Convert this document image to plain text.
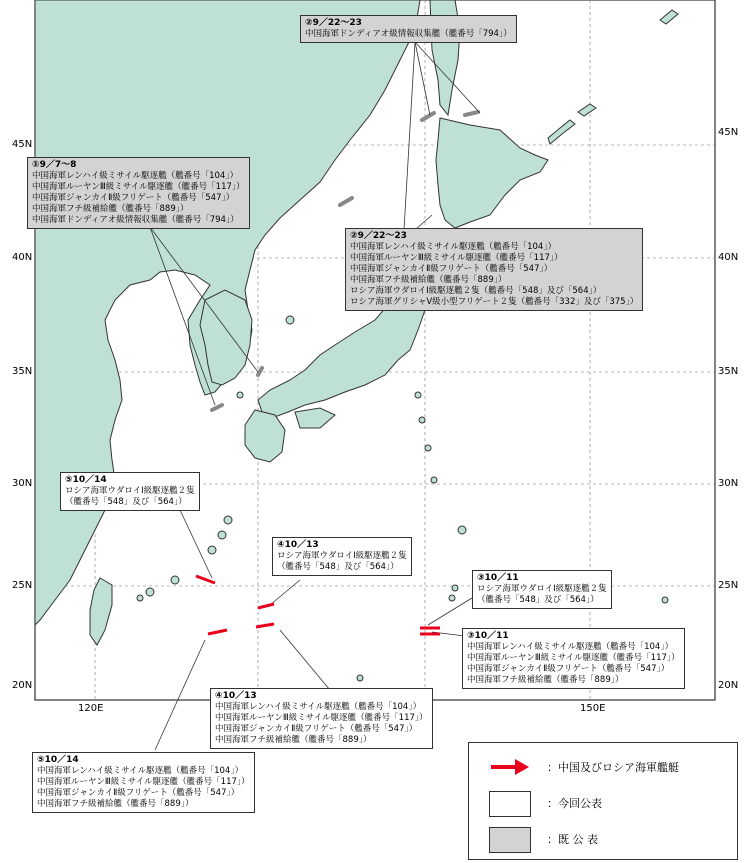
45N
40N
35N
30N
25N
20N
45N
40N
35N
30N
25N
20N
120E	150E
①9／7～8
中国海軍レンハイ級ミサイル駆逐艦（艦番号「104」）
中国海軍ルーヤンⅢ級ミサイル駆逐艦（艦番号「117」）
中国海軍ジャンカイⅡ級フリゲート（艦番号「547」）
中国海軍フチ級補給艦（艦番号「889」）
中国海軍ドンディアオ級情報収集艦（艦番号「794」）
②9／22～23
中国海軍ドンディアオ級情報収集艦（艦番号「794」）
②9／22～23
中国海軍レンハイ級ミサイル駆逐艦（艦番号「104」）
中国海軍ルーヤンⅢ級ミサイル駆逐艦（艦番号「117」）
中国海軍ジャンカイⅡ級フリゲート（艦番号「547」）
中国海軍フチ級補給艦（艦番号「889」）
ロシア海軍ウダロイⅠ級駆逐艦２隻（艦番号「548」及び「564」）
ロシア海軍グリシャⅤ級小型フリゲート２隻（艦番号「332」及び「375」）
⑤10／14
ロシア海軍ウダロイⅠ級駆逐艦２隻
（艦番号「548」及び「564」）
④10／13
ロシア海軍ウダロイⅠ級駆逐艦２隻
（艦番号「548」及び「564」）
③10／11
ロシア海軍ウダロイⅠ級駆逐艦２隻
（艦番号「548」及び「564」）
③10／11
中国海軍レンハイ級ミサイル駆逐艦（艦番号「104」）
中国海軍ルーヤンⅢ級ミサイル駆逐艦（艦番号「117」）
中国海軍ジャンカイⅡ級フリゲート（艦番号「547」）
中国海軍フチ級補給艦（艦番号「889」）
④10／13
中国海軍レンハイ級ミサイル駆逐艦（艦番号「104」）
中国海軍ルーヤンⅢ級ミサイル駆逐艦（艦番号「117」）
中国海軍ジャンカイⅡ級フリゲート（艦番号「547」）
中国海軍フチ級補給艦（艦番号「889」）
⑤10／14
中国海軍レンハイ級ミサイル駆逐艦（艦番号「104」）
中国海軍ルーヤンⅢ級ミサイル駆逐艦（艦番号「117」）
中国海軍ジャンカイⅡ級フリゲート（艦番号「547」）
中国海軍フチ級補給艦（艦番号「889」）
：中国及びロシア海軍艦艇
：今回公表
：既 公 表
